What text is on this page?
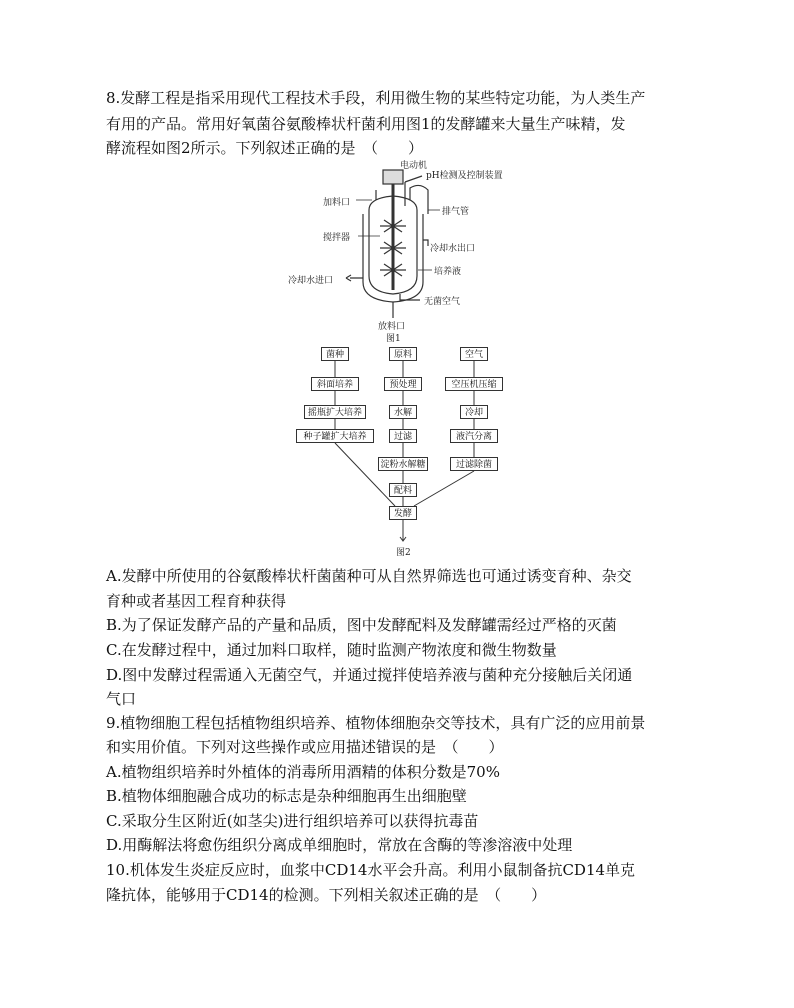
8.发酵工程是指采用现代工程技术手段，利用微生物的某些特定功能，为人类生产
有用的产品。常用好氧菌谷氨酸棒状杆菌利用图1的发酵罐来大量生产味精，发
酵流程如图2所示。下列叙述正确的是　（　　）
电动机
pH检测及控制装置
加料口
排气管
搅拌器
冷却水出口
培养液
冷却水进口
无菌空气
放料口
图1
菌种
斜面培养
摇瓶扩大培养
种子罐扩大培养
原料
预处理
水解
过滤
淀粉水解糖
空气
空压机压缩
冷却
液汽分离
过滤除菌
配料
发酵
图2
A.发酵中所使用的谷氨酸棒状杆菌菌种可从自然界筛选也可通过诱变育种、杂交
育种或者基因工程育种获得
B.为了保证发酵产品的产量和品质，图中发酵配料及发酵罐需经过严格的灭菌
C.在发酵过程中，通过加料口取样，随时监测产物浓度和微生物数量
D.图中发酵过程需通入无菌空气，并通过搅拌使培养液与菌种充分接触后关闭通
气口
9.植物细胞工程包括植物组织培养、植物体细胞杂交等技术，具有广泛的应用前景
和实用价值。下列对这些操作或应用描述错误的是　（　　）
A.植物组织培养时外植体的消毒所用酒精的体积分数是70%
B.植物体细胞融合成功的标志是杂种细胞再生出细胞壁
C.采取分生区附近(如茎尖)进行组织培养可以获得抗毒苗
D.用酶解法将愈伤组织分离成单细胞时，常放在含酶的等渗溶液中处理
10.机体发生炎症反应时，血浆中CD14水平会升高。利用小鼠制备抗CD14单克
隆抗体，能够用于CD14的检测。下列相关叙述正确的是　（　　）
